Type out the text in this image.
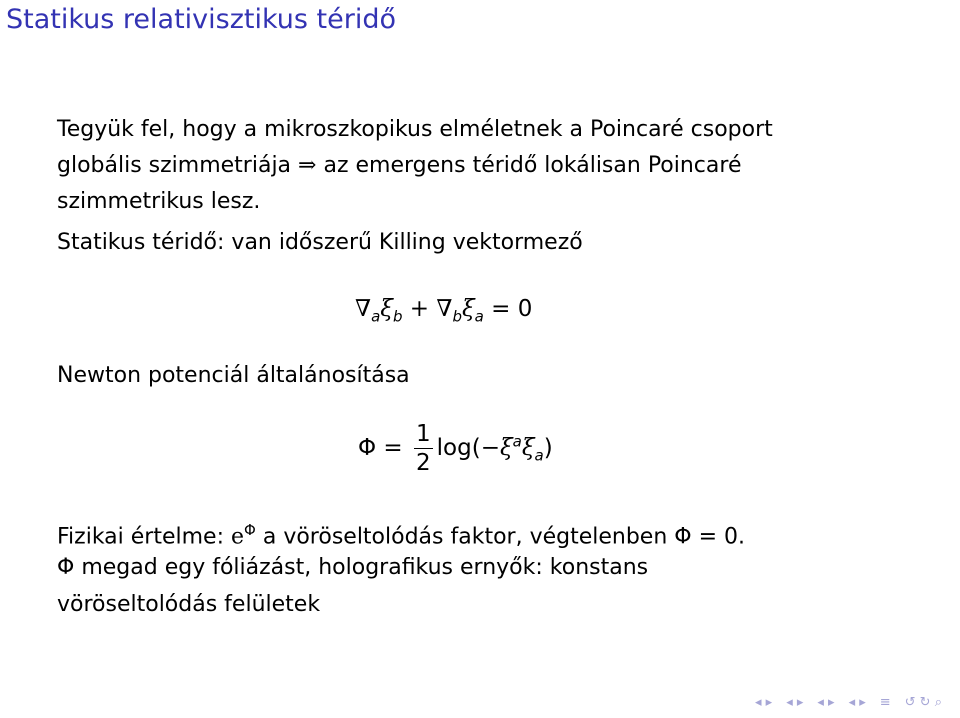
Statikus relativisztikus téridő
Tegyük fel, hogy a mikroszkopikus elméletnek a Poincaré csoport
globális szimmetriája ⇒ az emergens téridő lokálisan Poincaré
szimmetrikus lesz.
Statikus téridő: van időszerű Killing vektormező
$\nabla_a\xi_b + \nabla_b\xi_a = 0$
Newton potenciál általánosítása
$\Phi = \frac{1}{2} \log(-\xi^a\xi_a)$
Fizikai értelme: $e^\Phi$ a vöröseltolódás faktor, végtelenben Φ = 0.
Φ megad egy fóliázást, holografikus ernyők: konstans
vöröseltolódás felületek
◂ ▸ ◂ ▸ ◂ ▸ ◂ ▸ ≡ ↺ ↻ ⌕
